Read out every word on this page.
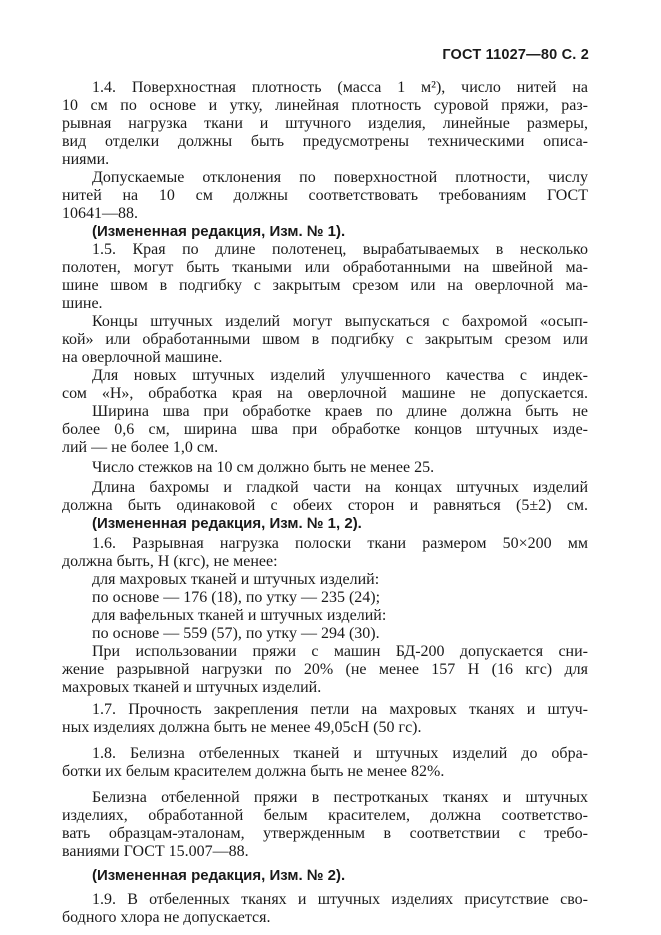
ГОСТ 11027—80 С. 2

1.4. Поверхностная плотность (масса 1 м²), число нитей на

10 см по основе и утку, линейная плотность суровой пряжи, раз-

рывная нагрузка ткани и штучного изделия, линейные размеры,

вид отделки должны быть предусмотрены техническими описа-

ниями.

Допускаемые отклонения по поверхностной плотности, числу

нитей на 10 см должны соответствовать требованиям ГОСТ

10641—88.

(Измененная редакция, Изм. № 1).

1.5. Края по длине полотенец, вырабатываемых в несколько

полотен, могут быть ткаными или обработанными на швейной ма-

шине швом в подгибку с закрытым срезом или на оверлочной ма-

шине.

Концы штучных изделий могут выпускаться с бахромой «осып-

кой» или обработанными швом в подгибку с закрытым срезом или

на оверлочной машине.

Для новых штучных изделий улучшенного качества с индек-

сом «Н», обработка края на оверлочной машине не допускается.

Ширина шва при обработке краев по длине должна быть не

более 0,6 см, ширина шва при обработке концов штучных изде-

лий — не более 1,0 см.

Число стежков на 10 см должно быть не менее 25.

Длина бахромы и гладкой части на концах штучных изделий

должна быть одинаковой с обеих сторон и равняться (5±2) см.

(Измененная редакция, Изм. № 1, 2).

1.6. Разрывная нагрузка полоски ткани размером 50×200 мм

должна быть, Н (кгс), не менее:

для махровых тканей и штучных изделий:

по основе — 176 (18), по утку — 235 (24);

для вафельных тканей и штучных изделий:

по основе — 559 (57), по утку — 294 (30).

При использовании пряжи с машин БД-200 допускается сни-

жение разрывной нагрузки по 20% (не менее 157 Н (16 кгс) для

махровых тканей и штучных изделий.

1.7. Прочность закрепления петли на махровых тканях и штуч-

ных изделиях должна быть не менее 49,05сН (50 гс).

1.8. Белизна отбеленных тканей и штучных изделий до обра-

ботки их белым красителем должна быть не менее 82%.

Белизна отбеленной пряжи в пестротканых тканях и штучных

изделиях, обработанной белым красителем, должна соответство-

вать образцам-эталонам, утвержденным в соответствии с требо-

ваниями ГОСТ 15.007—88.

(Измененная редакция, Изм. № 2).

1.9. В отбеленных тканях и штучных изделиях присутствие сво-

бодного хлора не допускается.
